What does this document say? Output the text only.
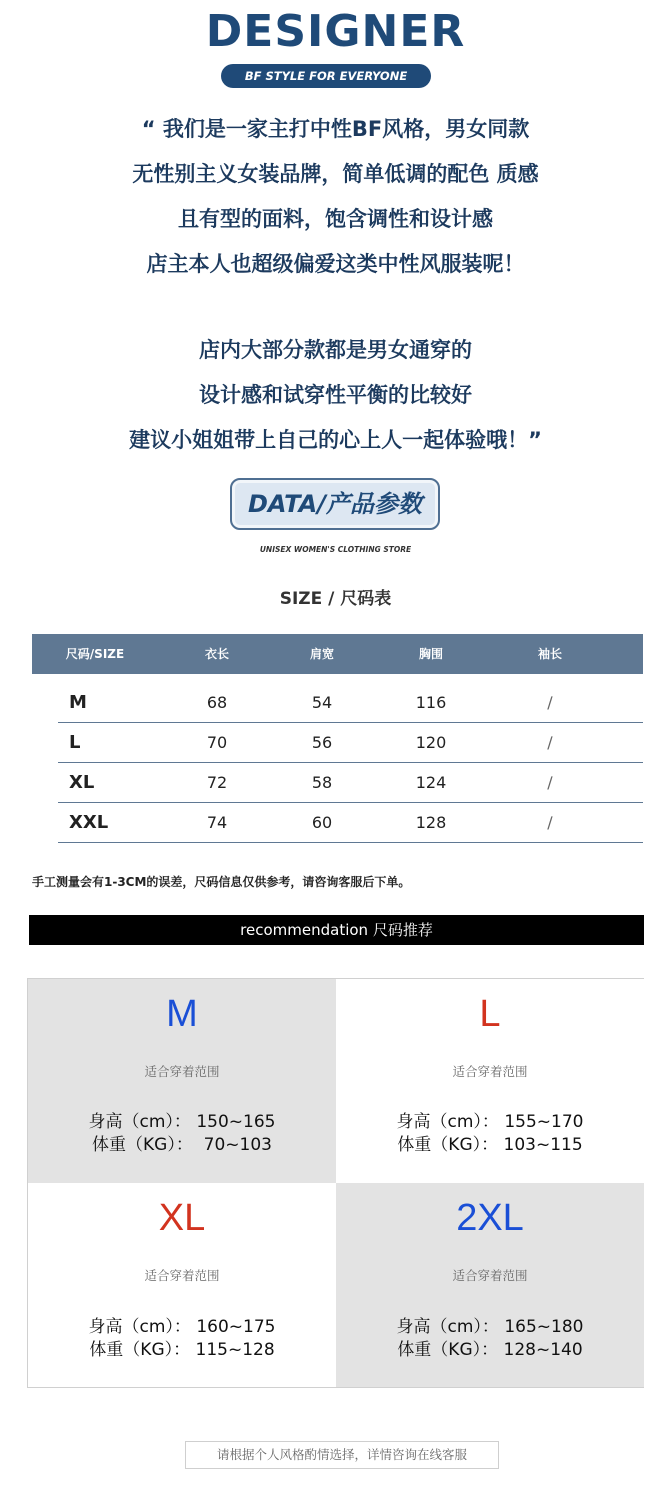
DESIGNER
BF STYLE FOR EVERYONE
“ 我们是一家主打中性BF风格，男女同款
无性别主义女装品牌，简单低调的配色 质感
且有型的面料，饱含调性和设计感
店主本人也超级偏爱这类中性风服装呢！
店内大部分款都是男女通穿的
设计感和试穿性平衡的比较好
建议小姐姐带上自己的心上人一起体验哦！”
DATA/产品参数
UNISEX WOMEN'S CLOTHING STORE
SIZE / 尺码表
尺码/SIZE	衣长	肩宽	胸围	袖长
M	68	54	116	∕
L	70	56	120	∕
XL	72	58	124	∕
XXL	74	60	128	∕
手工测量会有1-3CM的误差，尺码信息仅供参考，请咨询客服后下单。
recommendation 尺码推荐
M
适合穿着范围
身高（cm）： 150~165
体重（KG）：  70~103
L
适合穿着范围
身高（cm）： 155~170
体重（KG）： 103~115
XL
适合穿着范围
身高（cm）： 160~175
体重（KG）： 115~128
2XL
适合穿着范围
身高（cm）： 165~180
体重（KG）： 128~140
请根据个人风格酌情选择，详情咨询在线客服
